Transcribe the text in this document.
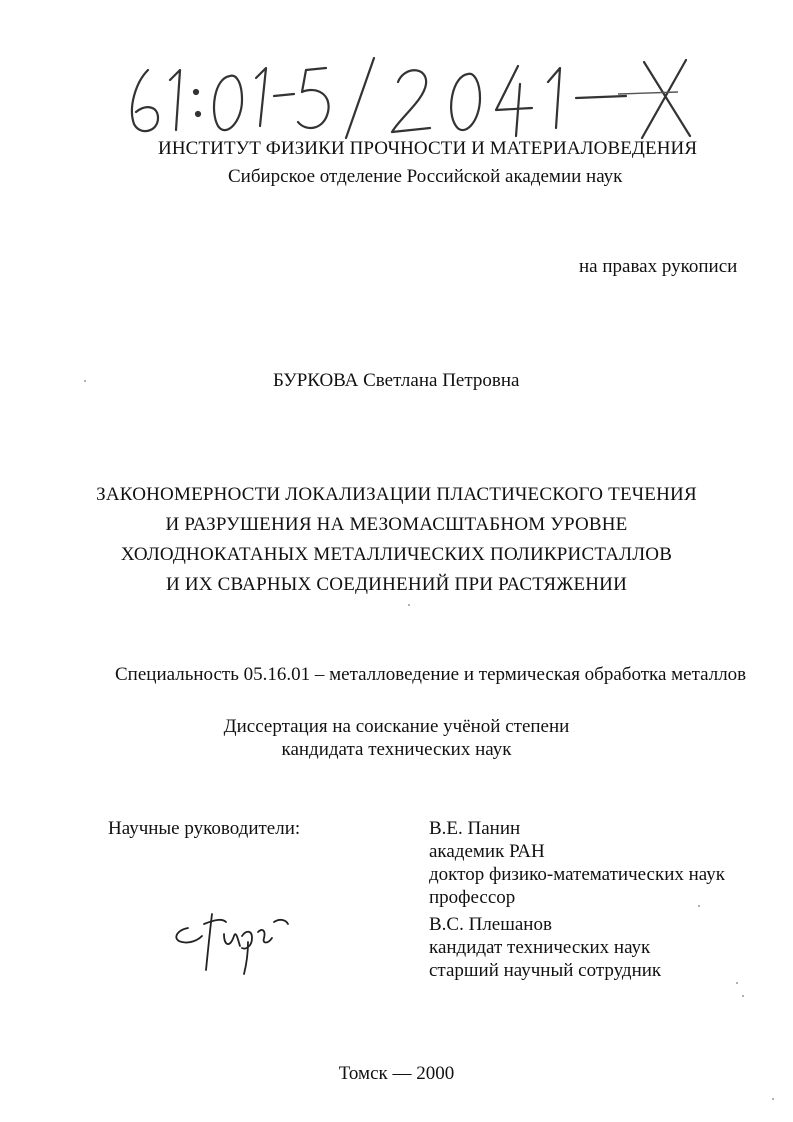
ИНСТИТУТ ФИЗИКИ ПРОЧНОСТИ И МАТЕРИАЛОВЕДЕНИЯ
Сибирское отделение Российской академии наук
на правах рукописи
БУРКОВА Светлана Петровна
ЗАКОНОМЕРНОСТИ ЛОКАЛИЗАЦИИ ПЛАСТИЧЕСКОГО ТЕЧЕНИЯ
И РАЗРУШЕНИЯ НА МЕЗОМАСШТАБНОМ УРОВНЕ
ХОЛОДНОКАТАНЫХ МЕТАЛЛИЧЕСКИХ ПОЛИКРИСТАЛЛОВ
И ИХ СВАРНЫХ СОЕДИНЕНИЙ ПРИ РАСТЯЖЕНИИ
Специальность 05.16.01 – металловедение и термическая обработка металлов
Диссертация на соискание учёной степени
кандидата технических наук
Научные руководители:	В.Е. Панин
академик РАН
доктор физико-математических наук
профессор
В.С. Плешанов
кандидат технических наук
старший научный сотрудник
Томск — 2000
